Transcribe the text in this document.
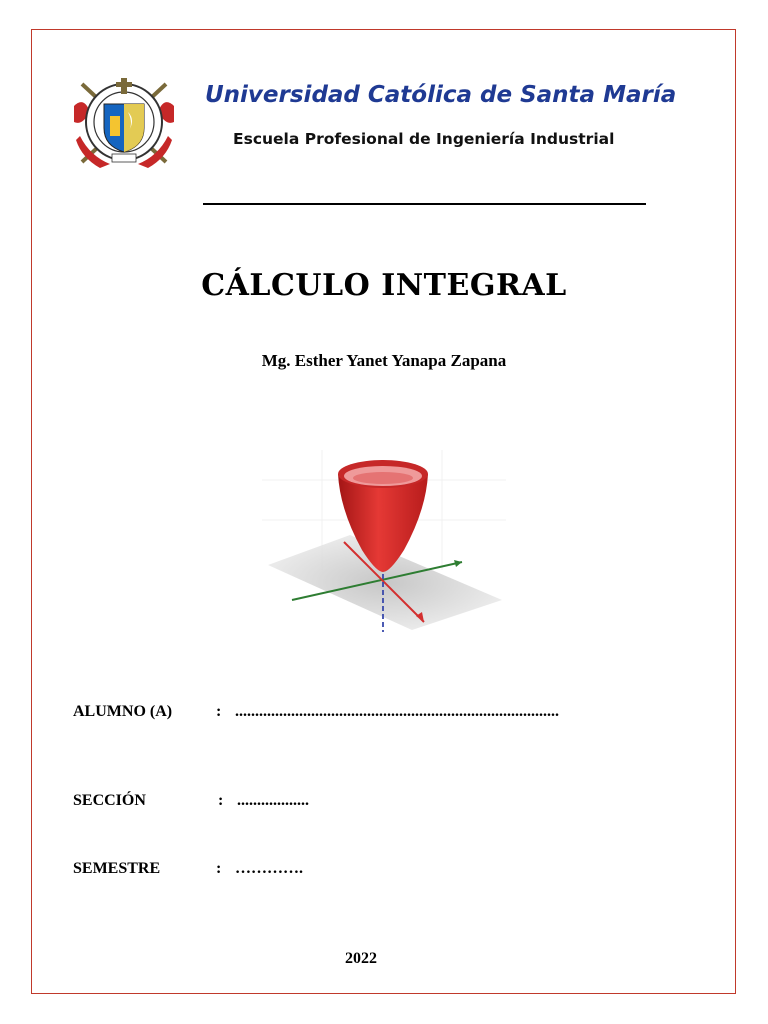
Universidad Católica de Santa María
Escuela Profesional de Ingeniería Industrial
CÁLCULO INTEGRAL
Mg. Esther Yanet Yanapa Zapana
ALUMNO (A)	: .................................................................................
SECCIÓN	: ..................
SEMESTRE	: ………….
2022
